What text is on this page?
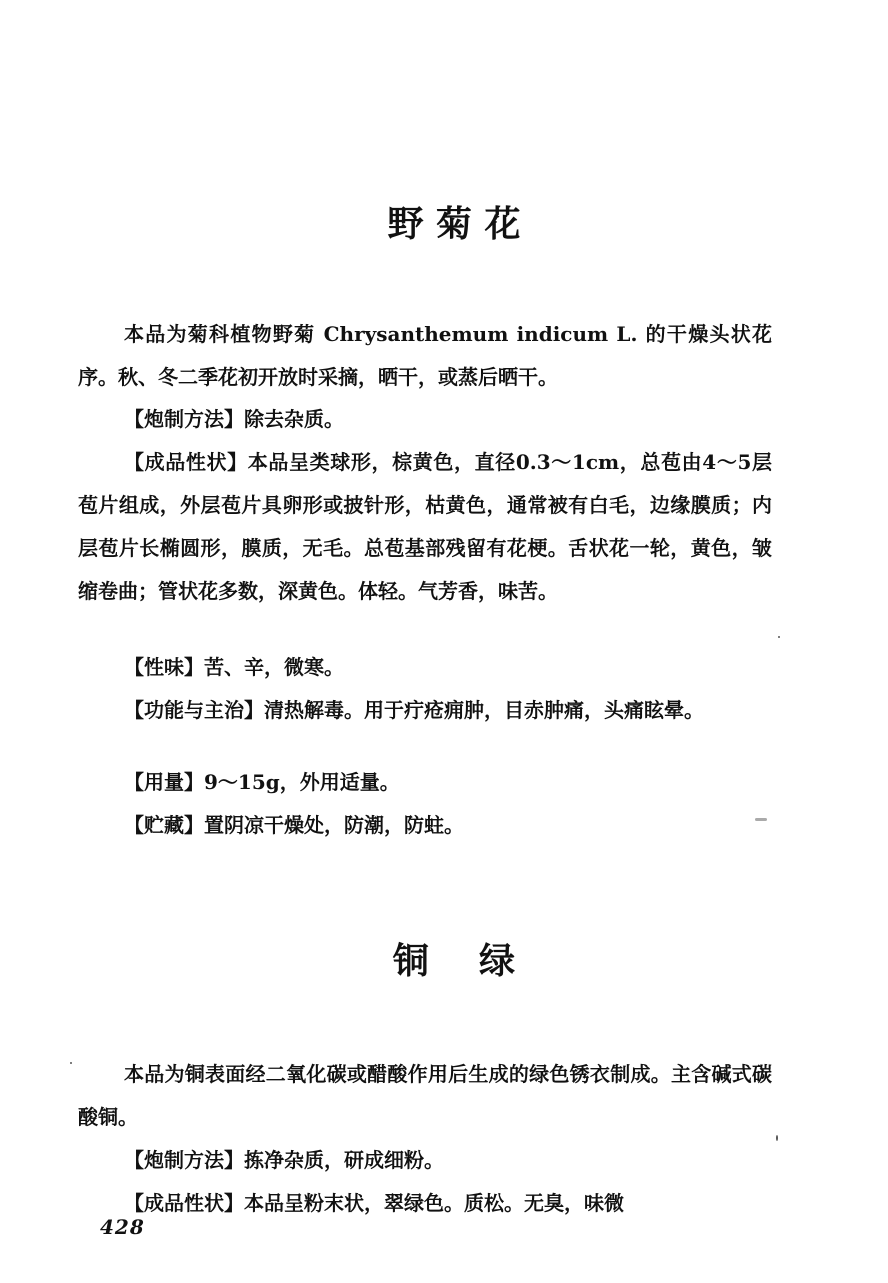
野 菊 花
本品为菊科植物野菊 Chrysanthemum indicum L. 的干燥头状花序。秋、冬二季花初开放时采摘，晒干，或蒸后晒干。
【炮制方法】除去杂质。
【成品性状】本品呈类球形，棕黄色，直径0.3～1cm，总苞由4～5层苞片组成，外层苞片具卵形或披针形，枯黄色，通常被有白毛，边缘膜质；内层苞片长椭圆形，膜质，无毛。总苞基部残留有花梗。舌状花一轮，黄色，皱缩卷曲；管状花多数，深黄色。体轻。气芳香，味苦。
【性味】苦、辛，微寒。
【功能与主治】清热解毒。用于疔疮痈肿，目赤肿痛，头痛眩晕。
【用量】9～15g，外用适量。
【贮藏】置阴凉干燥处，防潮，防蛀。
铜    绿
本品为铜表面经二氧化碳或醋酸作用后生成的绿色锈衣制成。主含碱式碳酸铜。
【炮制方法】拣净杂质，研成细粉。
【成品性状】本品呈粉末状，翠绿色。质松。无臭，味微
428
